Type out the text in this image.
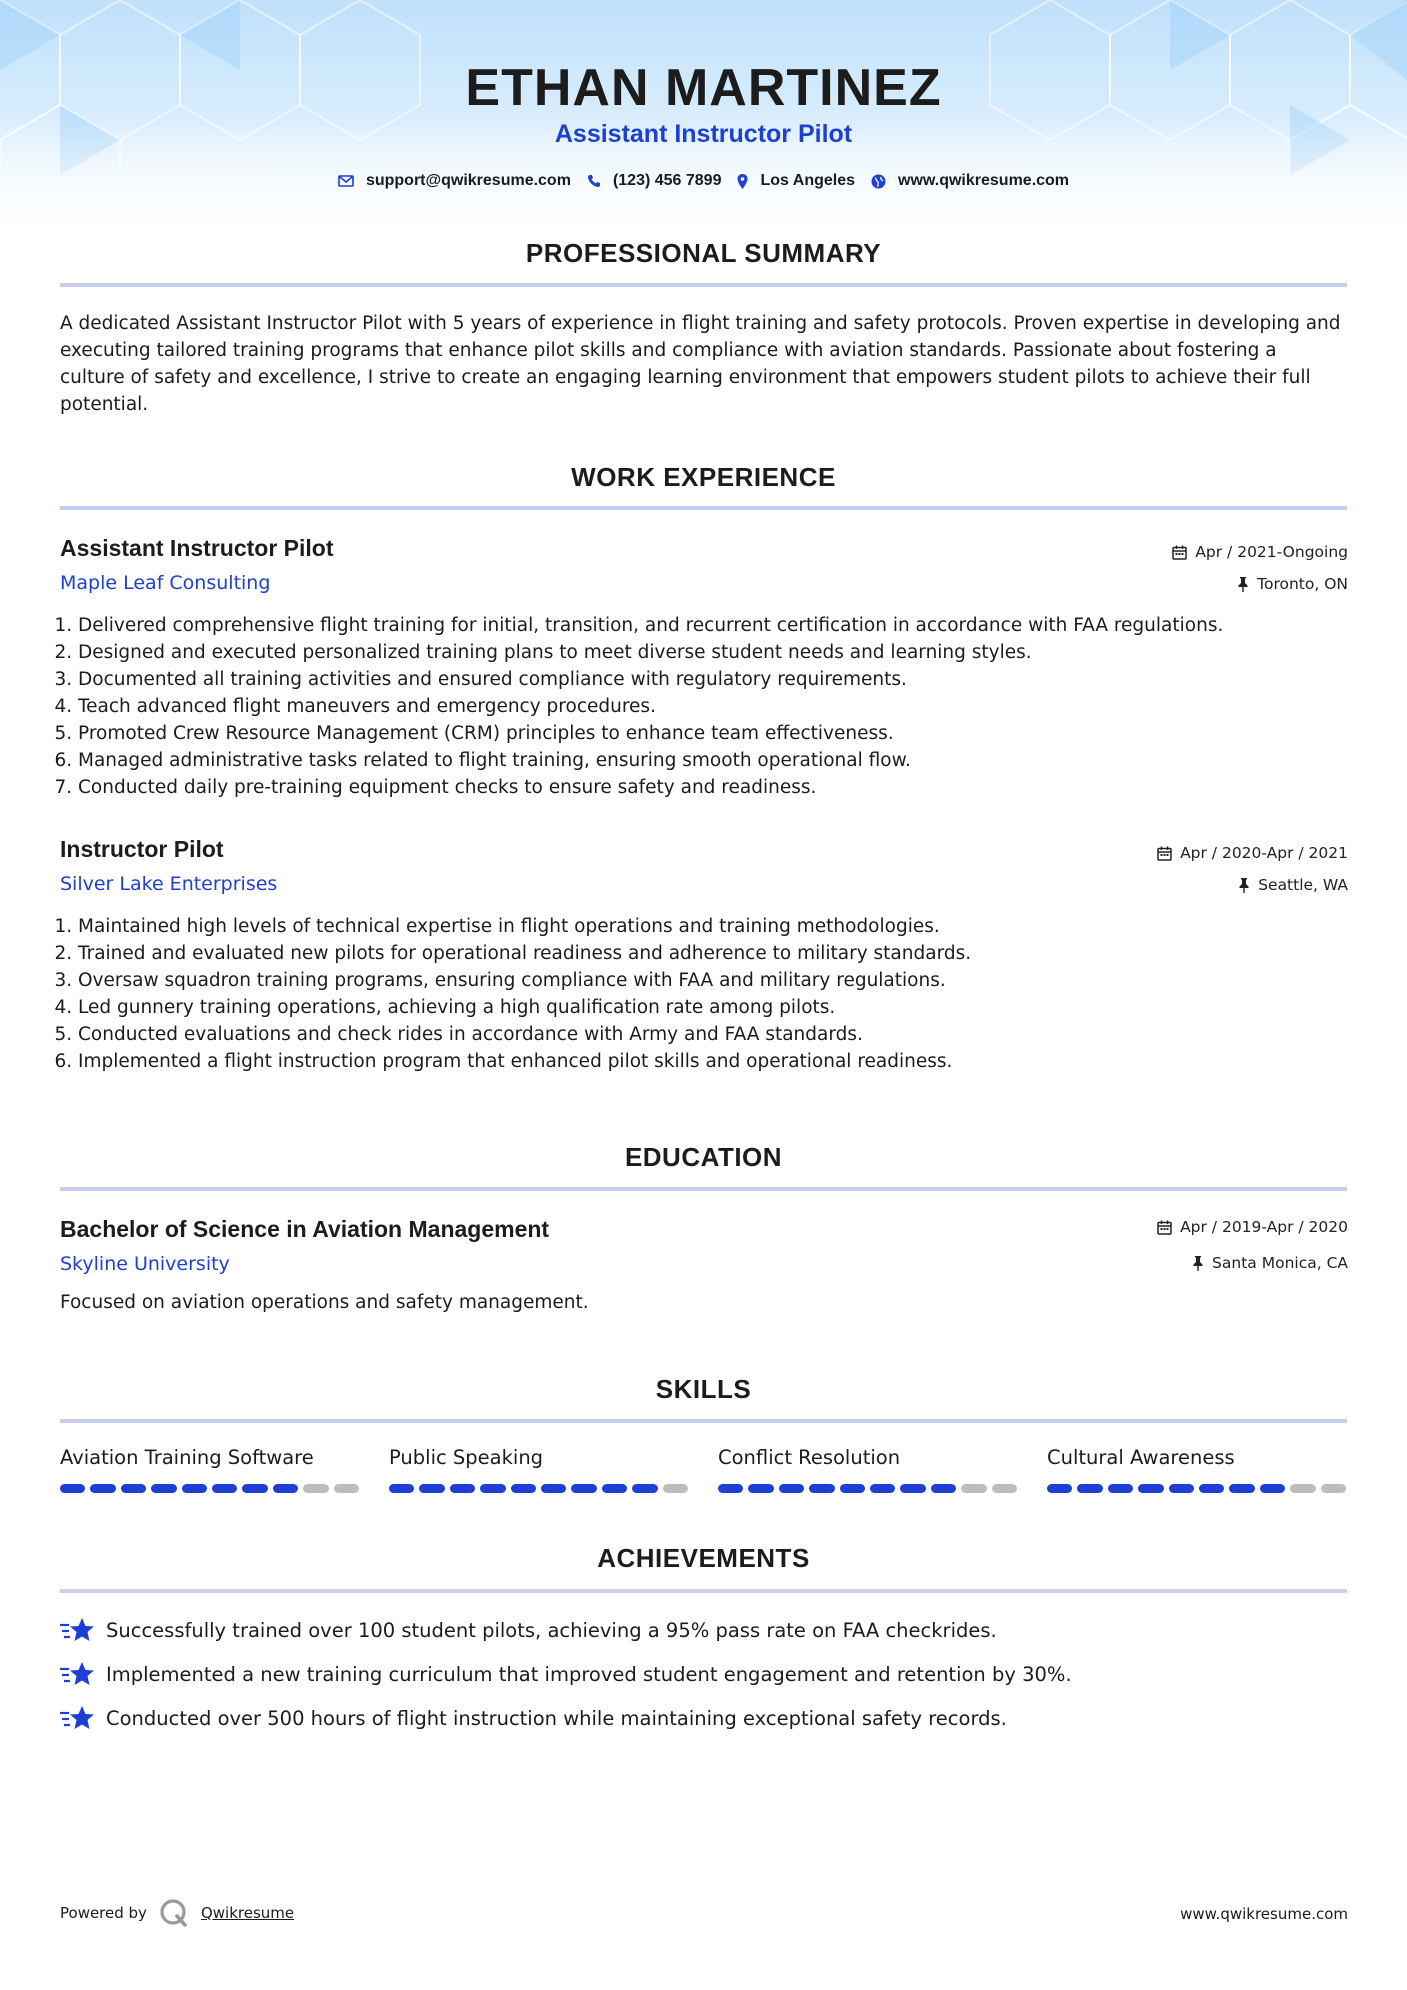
ETHAN MARTINEZ
Assistant Instructor Pilot
support@qwikresume.com	(123) 456 7899 Los Angeles	www.qwikresume.com
PROFESSIONAL SUMMARY
A dedicated Assistant Instructor Pilot with 5 years of experience in flight training and safety protocols. Proven expertise in developing and executing tailored training programs that enhance pilot skills and compliance with aviation standards. Passionate about fostering a culture of safety and excellence, I strive to create an engaging learning environment that empowers student pilots to achieve their full potential.
WORK EXPERIENCE
Assistant Instructor Pilot	Apr / 2021-Ongoing
Maple Leaf Consulting	Toronto, ON
1. Delivered comprehensive flight training for initial, transition, and recurrent certification in accordance with FAA regulations.
2. Designed and executed personalized training plans to meet diverse student needs and learning styles.
3. Documented all training activities and ensured compliance with regulatory requirements.
4. Teach advanced flight maneuvers and emergency procedures.
5. Promoted Crew Resource Management (CRM) principles to enhance team effectiveness.
6. Managed administrative tasks related to flight training, ensuring smooth operational flow.
7. Conducted daily pre-training equipment checks to ensure safety and readiness.
Instructor Pilot	Apr / 2020-Apr / 2021
Silver Lake Enterprises	Seattle, WA
1. Maintained high levels of technical expertise in flight operations and training methodologies.
2. Trained and evaluated new pilots for operational readiness and adherence to military standards.
3. Oversaw squadron training programs, ensuring compliance with FAA and military regulations.
4. Led gunnery training operations, achieving a high qualification rate among pilots.
5. Conducted evaluations and check rides in accordance with Army and FAA standards.
6. Implemented a flight instruction program that enhanced pilot skills and operational readiness.
EDUCATION
Bachelor of Science in Aviation Management	Apr / 2019-Apr / 2020
Skyline University	Santa Monica, CA
Focused on aviation operations and safety management.
SKILLS
Aviation Training Software	Public Speaking	Conflict Resolution	Cultural Awareness
ACHIEVEMENTS
Successfully trained over 100 student pilots, achieving a 95% pass rate on FAA checkrides.
Implemented a new training curriculum that improved student engagement and retention by 30%.
Conducted over 500 hours of flight instruction while maintaining exceptional safety records.
Powered by	Qwikresume	www.qwikresume.com
